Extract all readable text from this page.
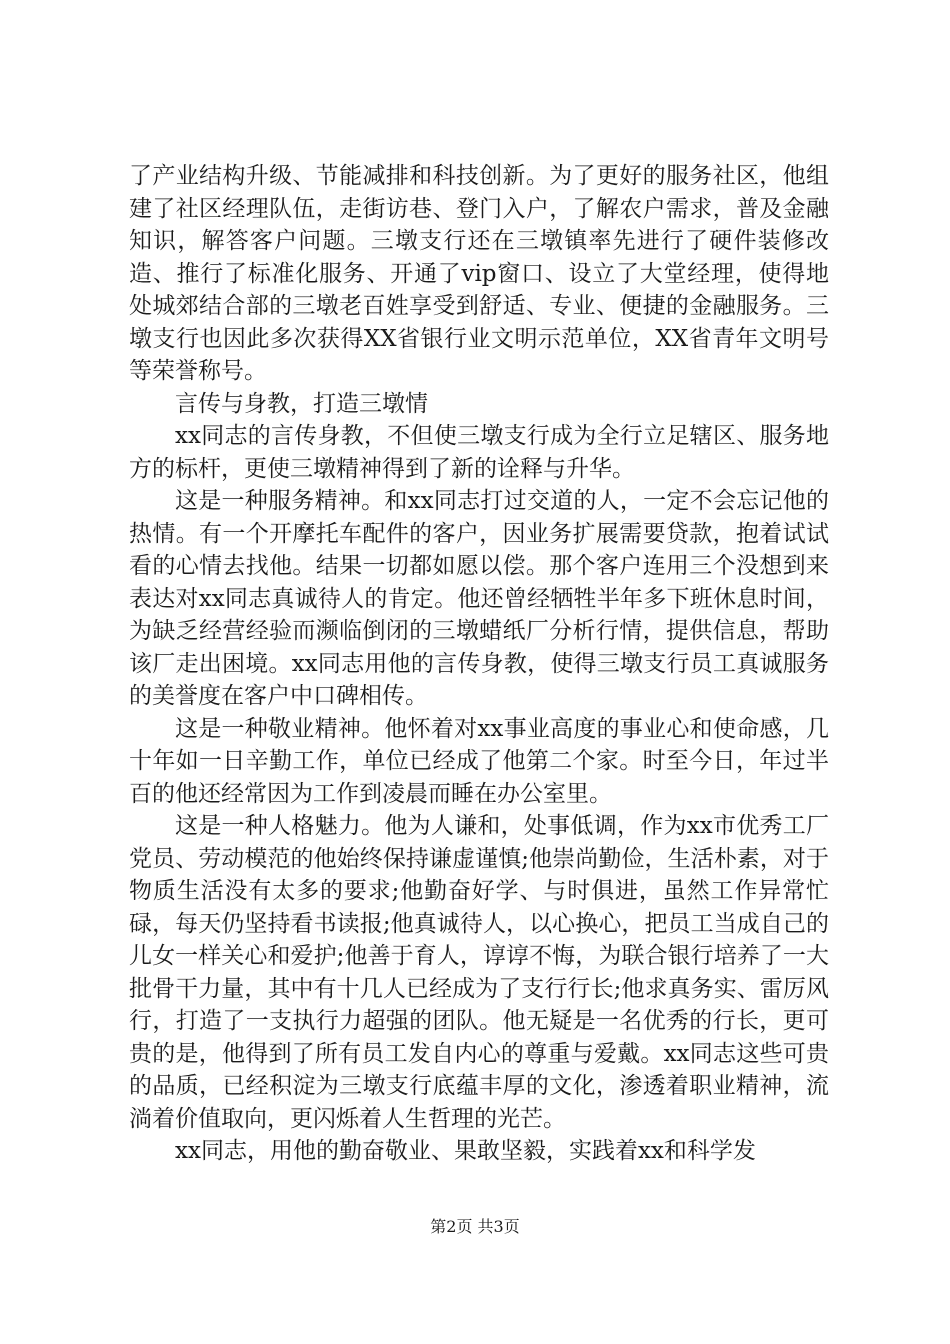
了产业结构升级、节能减排和科技创新。为了更好的服务社区，他组建了社区经理队伍，走街访巷、登门入户，了解农户需求，普及金融知识，解答客户问题。三墩支行还在三墩镇率先进行了硬件装修改造、推行了标准化服务、开通了vip窗口、设立了大堂经理，使得地处城郊结合部的三墩老百姓享受到舒适、专业、便捷的金融服务。三墩支行也因此多次获得XX省银行业文明示范单位，XX省青年文明号等荣誉称号。

言传与身教，打造三墩情

xx同志的言传身教，不但使三墩支行成为全行立足辖区、服务地方的标杆，更使三墩精神得到了新的诠释与升华。

这是一种服务精神。和xx同志打过交道的人，一定不会忘记他的热情。有一个开摩托车配件的客户，因业务扩展需要贷款，抱着试试看的心情去找他。结果一切都如愿以偿。那个客户连用三个没想到来表达对xx同志真诚待人的肯定。他还曾经牺牲半年多下班休息时间，为缺乏经营经验而濒临倒闭的三墩蜡纸厂分析行情，提供信息，帮助该厂走出困境。xx同志用他的言传身教，使得三墩支行员工真诚服务的美誉度在客户中口碑相传。

这是一种敬业精神。他怀着对xx事业高度的事业心和使命感，几十年如一日辛勤工作，单位已经成了他第二个家。时至今日，年过半百的他还经常因为工作到凌晨而睡在办公室里。

这是一种人格魅力。他为人谦和，处事低调，作为xx市优秀工厂党员、劳动模范的他始终保持谦虚谨慎;他崇尚勤俭，生活朴素，对于物质生活没有太多的要求;他勤奋好学、与时俱进，虽然工作异常忙碌，每天仍坚持看书读报;他真诚待人，以心换心，把员工当成自己的儿女一样关心和爱护;他善于育人，谆谆不悔，为联合银行培养了一大批骨干力量，其中有十几人已经成为了支行行长;他求真务实、雷厉风行，打造了一支执行力超强的团队。他无疑是一名优秀的行长，更可贵的是，他得到了所有员工发自内心的尊重与爱戴。xx同志这些可贵的品质，已经积淀为三墩支行底蕴丰厚的文化，渗透着职业精神，流淌着价值取向，更闪烁着人生哲理的光芒。

xx同志，用他的勤奋敬业、果敢坚毅，实践着xx和科学发

第2页 共3页
